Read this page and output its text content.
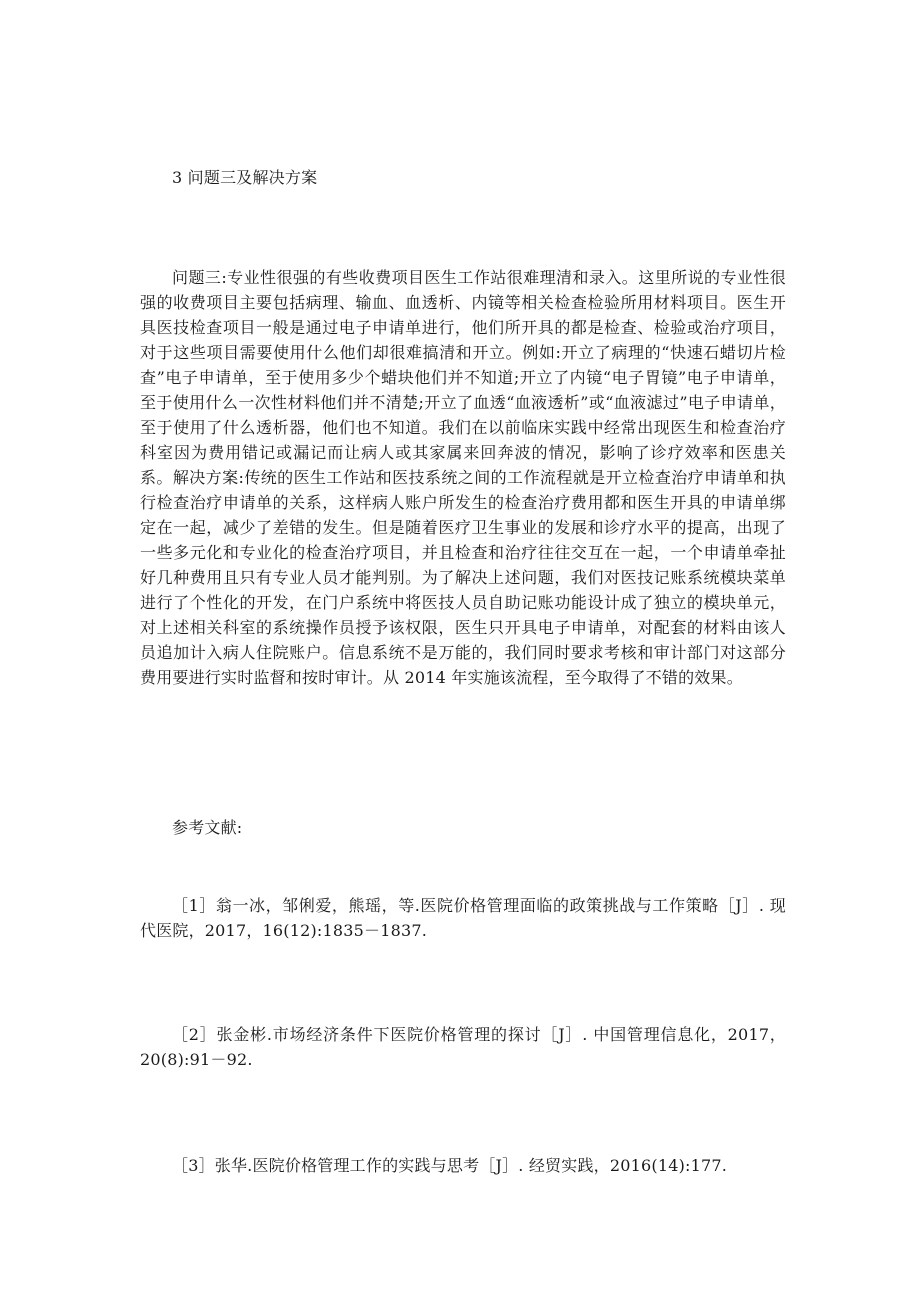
3 问题三及解决方案

问题三:专业性很强的有些收费项目医生工作站很难理清和录入。这里所说的专业性很强的收费项目主要包括病理、输血、血透析、内镜等相关检查检验所用材料项目。医生开具医技检查项目一般是通过电子申请单进行，他们所开具的都是检查、检验或治疗项目，对于这些项目需要使用什么他们却很难搞清和开立。例如:开立了病理的“快速石蜡切片检查”电子申请单，至于使用多少个蜡块他们并不知道;开立了内镜“电子胃镜”电子申请单，至于使用什么一次性材料他们并不清楚;开立了血透“血液透析”或“血液滤过”电子申请单，至于使用了什么透析器，他们也不知道。我们在以前临床实践中经常出现医生和检查治疗科室因为费用错记或漏记而让病人或其家属来回奔波的情况，影响了诊疗效率和医患关系。解决方案:传统的医生工作站和医技系统之间的工作流程就是开立检查治疗申请单和执行检查治疗申请单的关系，这样病人账户所发生的检查治疗费用都和医生开具的申请单绑定在一起，减少了差错的发生。但是随着医疗卫生事业的发展和诊疗水平的提高，出现了一些多元化和专业化的检查治疗项目，并且检查和治疗往往交互在一起，一个申请单牵扯好几种费用且只有专业人员才能判别。为了解决上述问题，我们对医技记账系统模块菜单进行了个性化的开发，在门户系统中将医技人员自助记账功能设计成了独立的模块单元，对上述相关科室的系统操作员授予该权限，医生只开具电子申请单，对配套的材料由该人员追加计入病人住院账户。信息系统不是万能的，我们同时要求考核和审计部门对这部分费用要进行实时监督和按时审计。从 2014 年实施该流程，至今取得了不错的效果。

参考文献:

［1］翁一冰，邹俐爱，熊瑶，等.医院价格管理面临的政策挑战与工作策略［J］. 现代医院，2017，16(12):1835－1837.

［2］张金彬.市场经济条件下医院价格管理的探讨［J］. 中国管理信息化，2017，20(8):91－92.

［3］张华.医院价格管理工作的实践与思考［J］. 经贸实践，2016(14):177.
